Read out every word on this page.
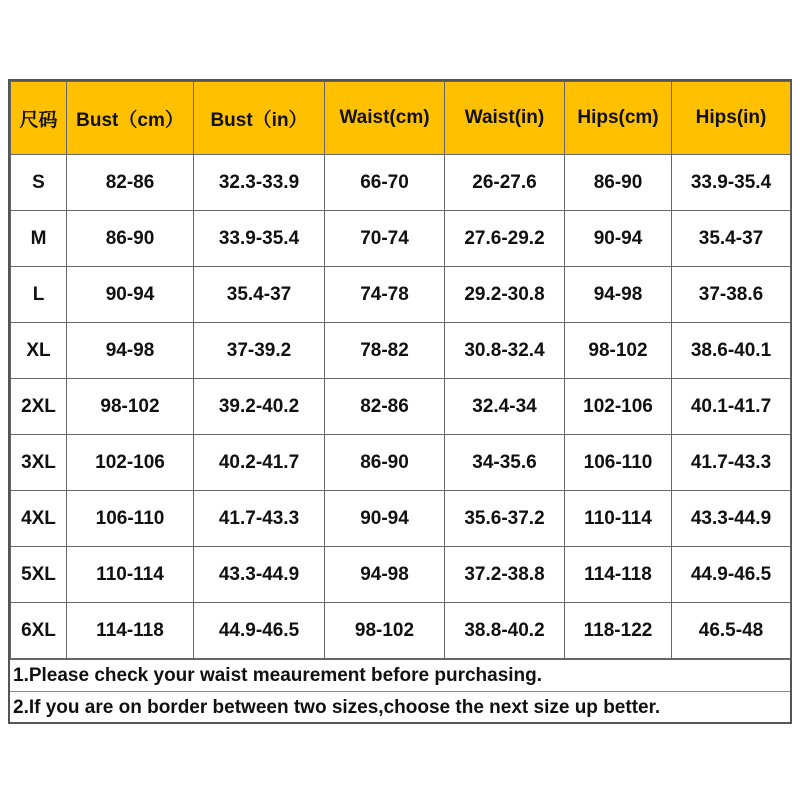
尺码	Bust（cm）	Bust（in）	Waist(cm)	Waist(in)	Hips(cm)	Hips(in)
S	82-86	32.3-33.9	66-70	26-27.6	86-90	33.9-35.4
M	86-90	33.9-35.4	70-74	27.6-29.2	90-94	35.4-37
L	90-94	35.4-37	74-78	29.2-30.8	94-98	37-38.6
XL	94-98	37-39.2	78-82	30.8-32.4	98-102	38.6-40.1
2XL	98-102	39.2-40.2	82-86	32.4-34	102-106	40.1-41.7
3XL	102-106	40.2-41.7	86-90	34-35.6	106-110	41.7-43.3
4XL	106-110	41.7-43.3	90-94	35.6-37.2	110-114	43.3-44.9
5XL	110-114	43.3-44.9	94-98	37.2-38.8	114-118	44.9-46.5
6XL	114-118	44.9-46.5	98-102	38.8-40.2	118-122	46.5-48
1.Please check your waist meaurement before purchasing.
2.If you are on border between two sizes,choose the next size up better.
